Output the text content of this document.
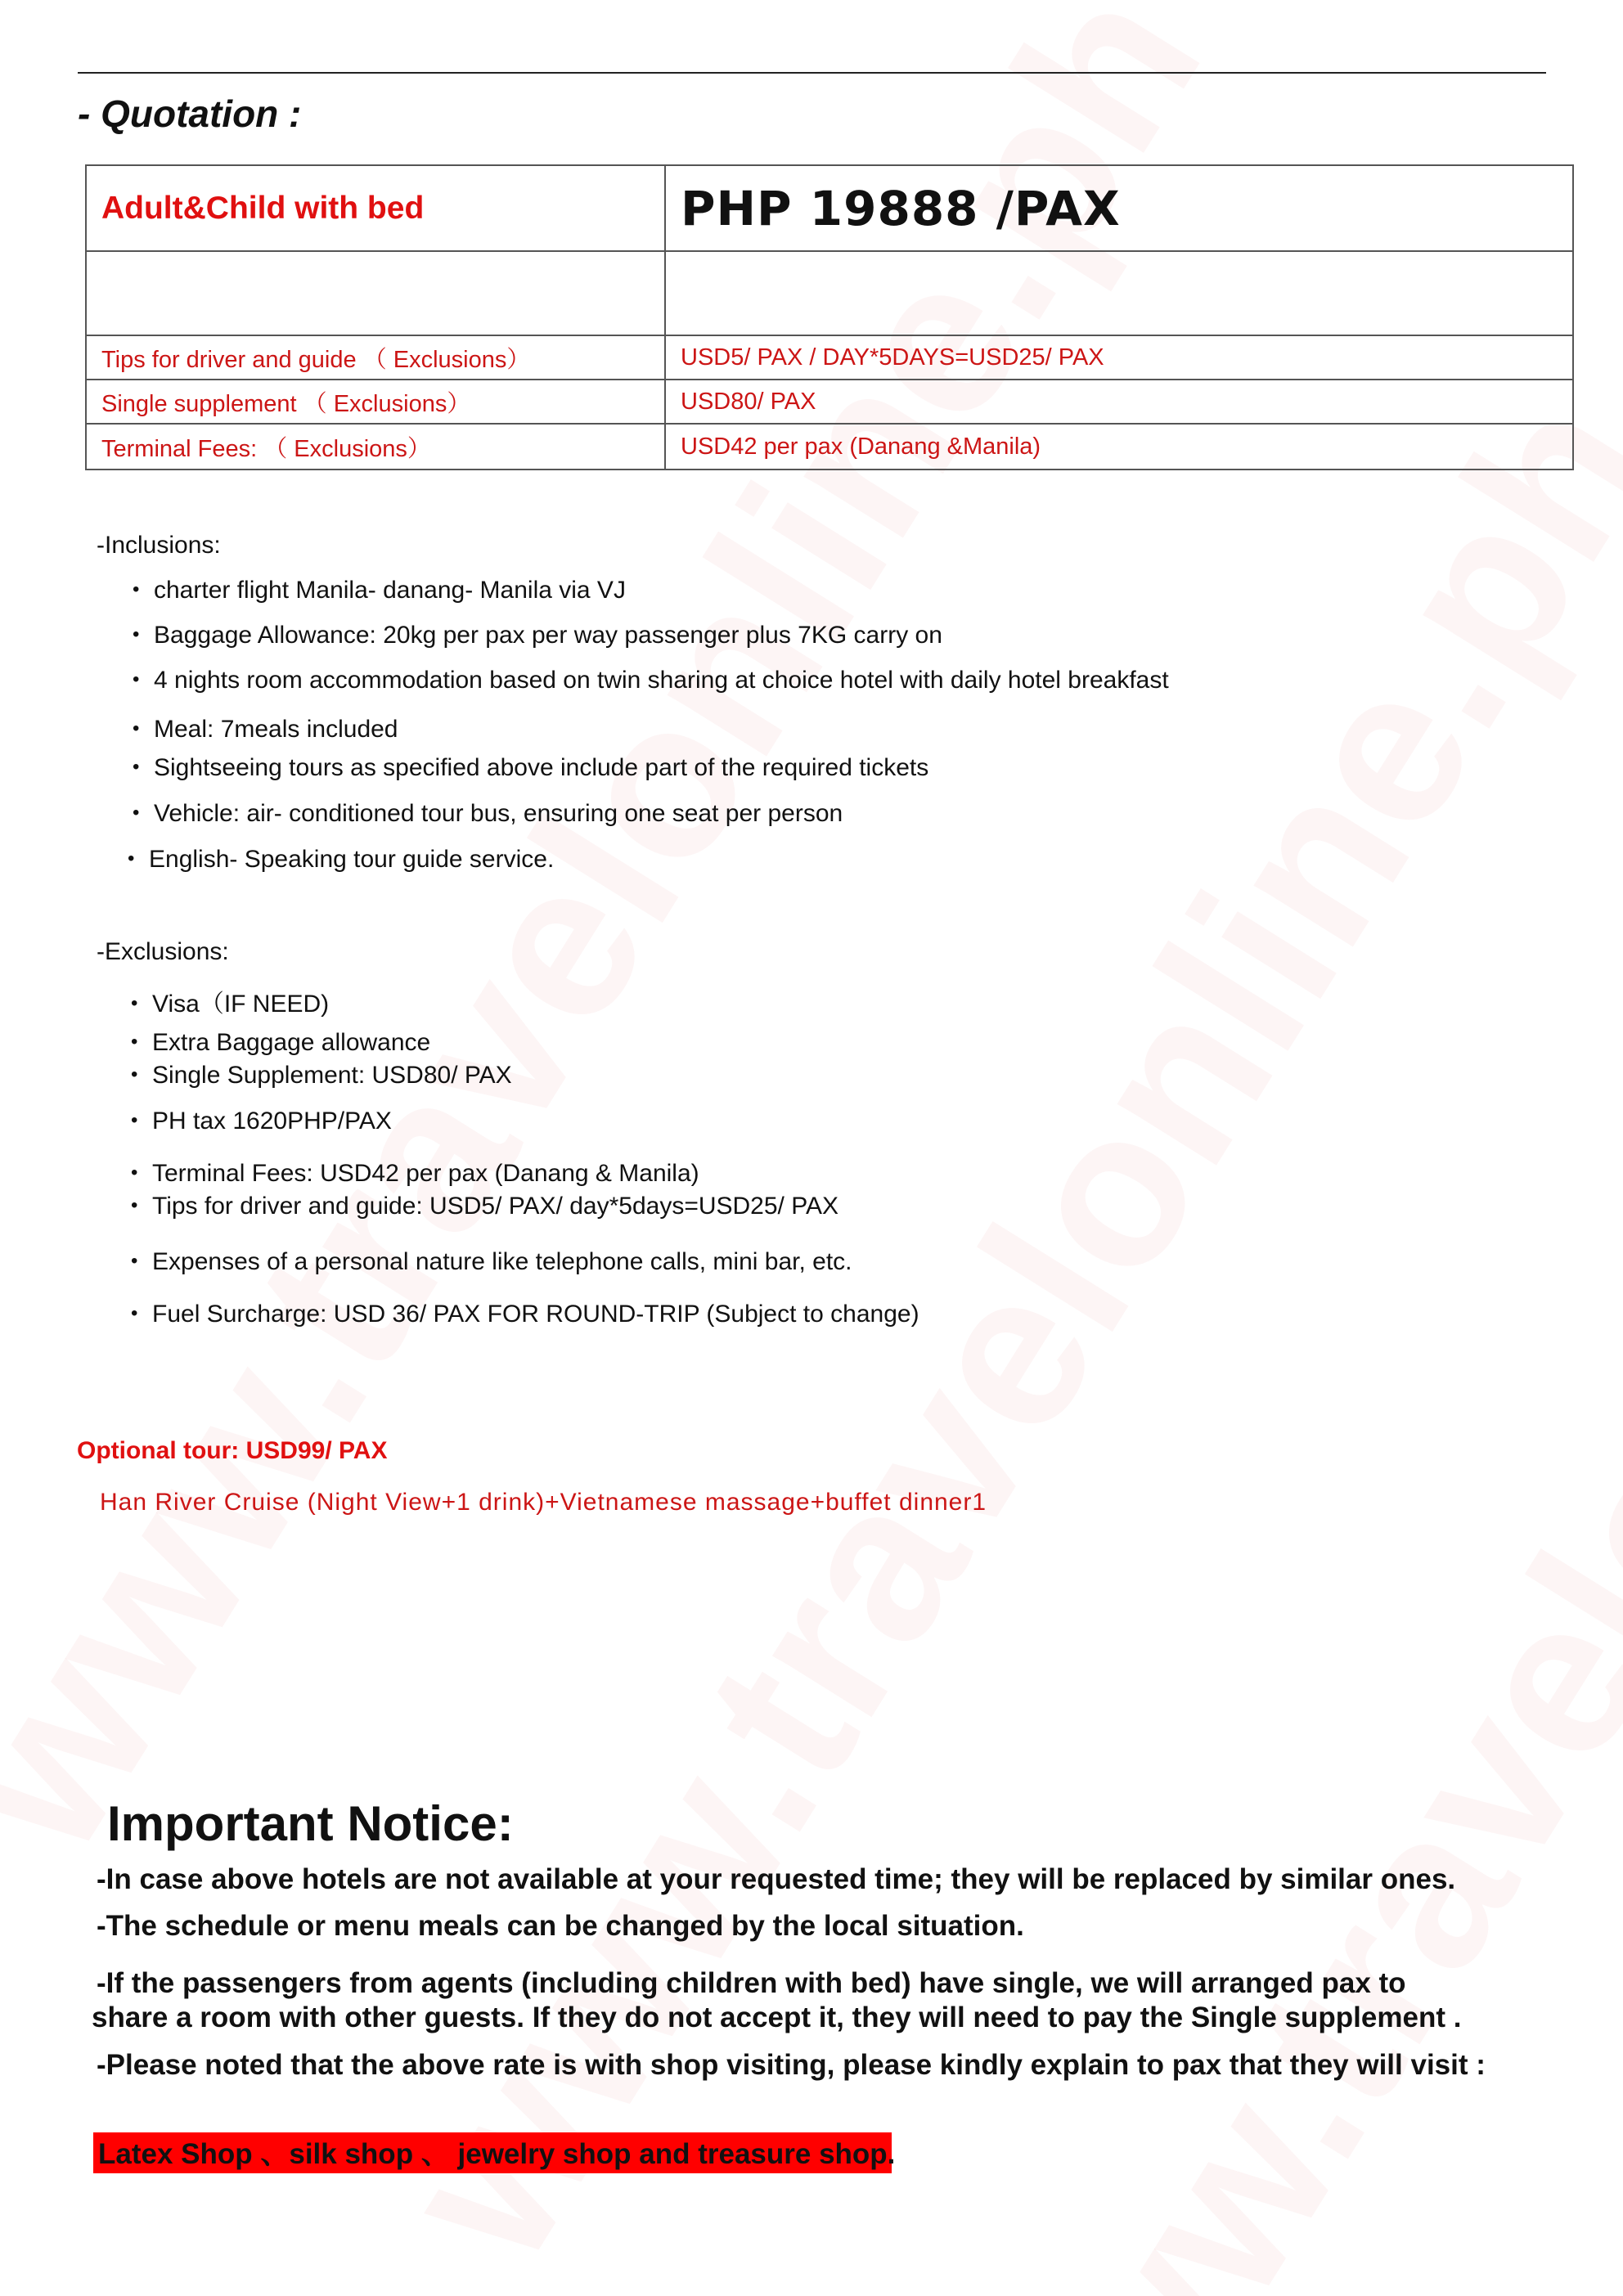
- Quotation :
Adult&Child with bed	PHP 19888 /PAX

Tips for driver and guide （ Exclusions）	USD5/ PAX / DAY*5DAYS=USD25/ PAX
Single supplement （ Exclusions）	USD80/ PAX
Terminal Fees: （ Exclusions）	USD42 per pax (Danang &Manila)
-Inclusions:
• charter flight Manila- danang- Manila via VJ
• Baggage Allowance: 20kg per pax per way passenger plus 7KG carry on
• 4 nights room accommodation based on twin sharing at choice hotel with daily hotel breakfast
• Meal: 7meals included
• Sightseeing tours as specified above include part of the required tickets
• Vehicle: air- conditioned tour bus, ensuring one seat per person
• English- Speaking tour guide service.
-Exclusions:
• Visa（IF NEED)
• Extra Baggage allowance
• Single Supplement: USD80/ PAX
• PH tax 1620PHP/PAX
• Terminal Fees: USD42 per pax (Danang & Manila)
• Tips for driver and guide: USD5/ PAX/ day*5days=USD25/ PAX
• Expenses of a personal nature like telephone calls, mini bar, etc.
• Fuel Surcharge: USD 36/ PAX FOR ROUND-TRIP (Subject to change)
Optional tour: USD99/ PAX
Han River Cruise (Night View+1 drink)+Vietnamese massage+buffet dinner1
Important Notice:
-In case above hotels are not available at your requested time; they will be replaced by similar ones.
-The schedule or menu meals can be changed by the local situation.
-If the passengers from agents (including children with bed) have single, we will arranged pax to
share a room with other guests. If they do not accept it, they will need to pay the Single supplement .
-Please noted that the above rate is with shop visiting, please kindly explain to pax that they will visit :
Latex Shop 、silk shop 、 jewelry shop and treasure shop.
